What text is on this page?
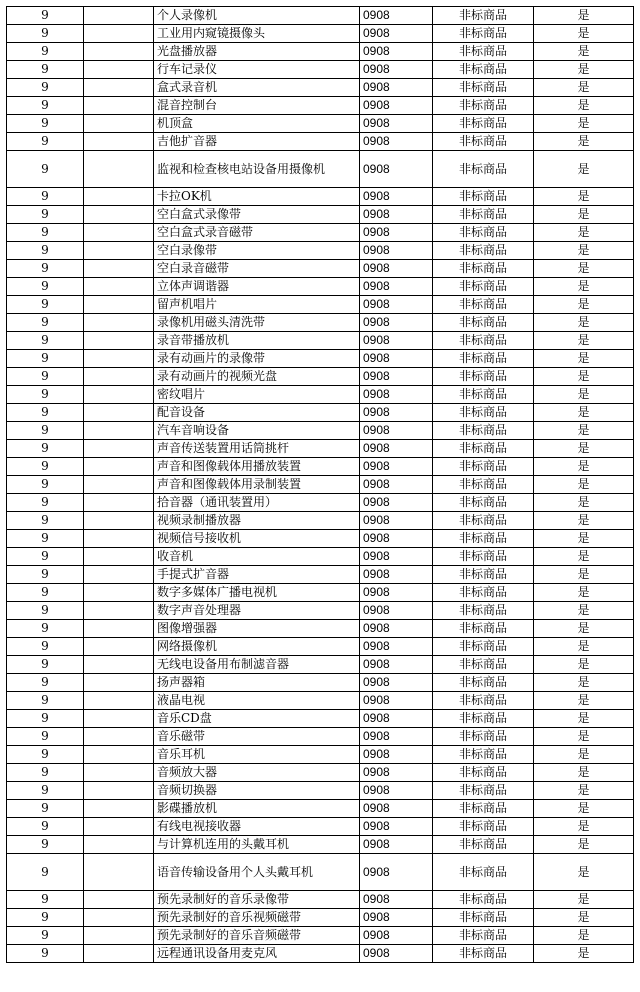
9		个人录像机	0908	非标商品	是
9		工业用内窥镜摄像头	0908	非标商品	是
9		光盘播放器	0908	非标商品	是
9		行车记录仪	0908	非标商品	是
9		盒式录音机	0908	非标商品	是
9		混音控制台	0908	非标商品	是
9		机顶盒	0908	非标商品	是
9		吉他扩音器	0908	非标商品	是
9		监视和检查核电站设备用摄像机	0908	非标商品	是
9		卡拉OK机	0908	非标商品	是
9		空白盒式录像带	0908	非标商品	是
9		空白盒式录音磁带	0908	非标商品	是
9		空白录像带	0908	非标商品	是
9		空白录音磁带	0908	非标商品	是
9		立体声调谐器	0908	非标商品	是
9		留声机唱片	0908	非标商品	是
9		录像机用磁头清洗带	0908	非标商品	是
9		录音带播放机	0908	非标商品	是
9		录有动画片的录像带	0908	非标商品	是
9		录有动画片的视频光盘	0908	非标商品	是
9		密纹唱片	0908	非标商品	是
9		配音设备	0908	非标商品	是
9		汽车音响设备	0908	非标商品	是
9		声音传送装置用话筒挑杆	0908	非标商品	是
9		声音和图像载体用播放装置	0908	非标商品	是
9		声音和图像载体用录制装置	0908	非标商品	是
9		拾音器（通讯装置用）	0908	非标商品	是
9		视频录制播放器	0908	非标商品	是
9		视频信号接收机	0908	非标商品	是
9		收音机	0908	非标商品	是
9		手提式扩音器	0908	非标商品	是
9		数字多媒体广播电视机	0908	非标商品	是
9		数字声音处理器	0908	非标商品	是
9		图像增强器	0908	非标商品	是
9		网络摄像机	0908	非标商品	是
9		无线电设备用布制滤音器	0908	非标商品	是
9		扬声器箱	0908	非标商品	是
9		液晶电视	0908	非标商品	是
9		音乐CD盘	0908	非标商品	是
9		音乐磁带	0908	非标商品	是
9		音乐耳机	0908	非标商品	是
9		音频放大器	0908	非标商品	是
9		音频切换器	0908	非标商品	是
9		影碟播放机	0908	非标商品	是
9		有线电视接收器	0908	非标商品	是
9		与计算机连用的头戴耳机	0908	非标商品	是
9		语音传输设备用个人头戴耳机	0908	非标商品	是
9		预先录制好的音乐录像带	0908	非标商品	是
9		预先录制好的音乐视频磁带	0908	非标商品	是
9		预先录制好的音乐音频磁带	0908	非标商品	是
9		远程通讯设备用麦克风	0908	非标商品	是
